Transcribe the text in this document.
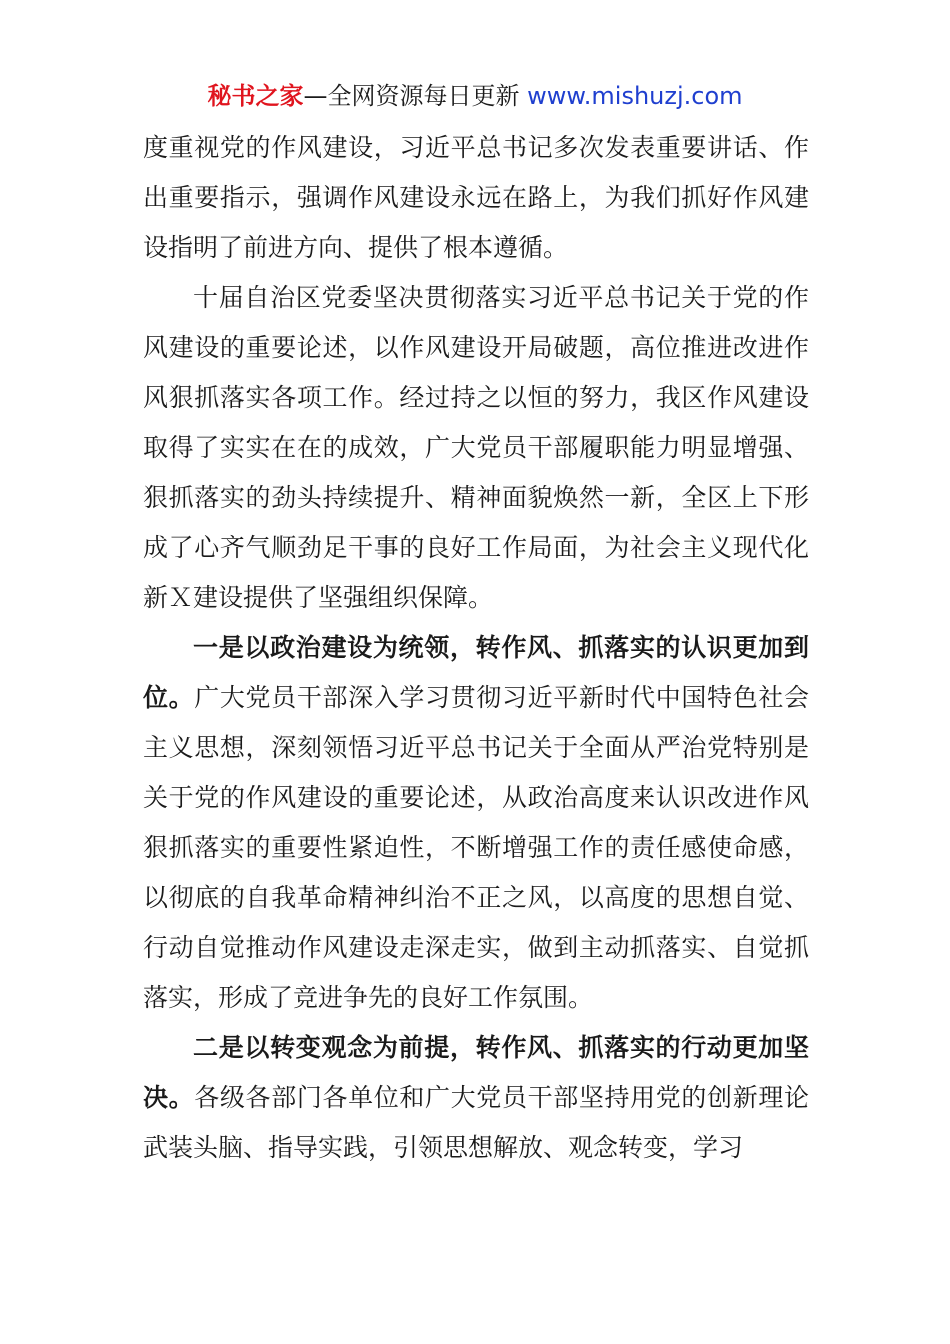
秘书之家—全网资源每日更新 www.mishuzj.com

度重视党的作风建设，习近平总书记多次发表重要讲话、作出重要指示，强调作风建设永远在路上，为我们抓好作风建设指明了前进方向、提供了根本遵循。

十届自治区党委坚决贯彻落实习近平总书记关于党的作风建设的重要论述，以作风建设开局破题，高位推进改进作风狠抓落实各项工作。经过持之以恒的努力，我区作风建设取得了实实在在的成效，广大党员干部履职能力明显增强、狠抓落实的劲头持续提升、精神面貌焕然一新，全区上下形成了心齐气顺劲足干事的良好工作局面，为社会主义现代化新Ｘ建设提供了坚强组织保障。

一是以政治建设为统领，转作风、抓落实的认识更加到位。广大党员干部深入学习贯彻习近平新时代中国特色社会主义思想，深刻领悟习近平总书记关于全面从严治党特别是关于党的作风建设的重要论述，从政治高度来认识改进作风狠抓落实的重要性紧迫性，不断增强工作的责任感使命感，以彻底的自我革命精神纠治不正之风，以高度的思想自觉、行动自觉推动作风建设走深走实，做到主动抓落实、自觉抓落实，形成了竞进争先的良好工作氛围。

二是以转变观念为前提，转作风、抓落实的行动更加坚决。各级各部门各单位和广大党员干部坚持用党的创新理论武装头脑、指导实践，引领思想解放、观念转变，学习
